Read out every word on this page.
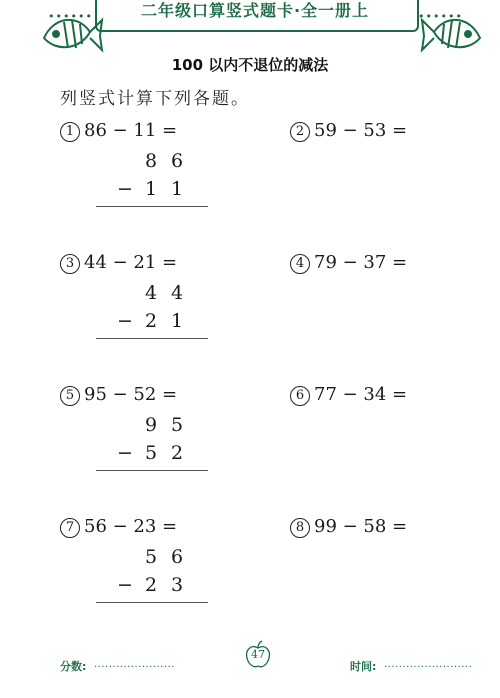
二年级口算竖式题卡·全一册上
••••••	••••••
100 以内不退位的减法
列竖式计算下列各题。
1 86 − 11 =
8 6
− 1 1
2 59 − 53 =
3 44 − 21 =
4 4
− 2 1
4 79 − 37 =
5 95 − 52 =
9 5
− 5 2
6 77 − 34 =
7 56 − 23 =
5 6
− 2 3
8 99 − 58 =
分数: ......................
47
时间: ........................
